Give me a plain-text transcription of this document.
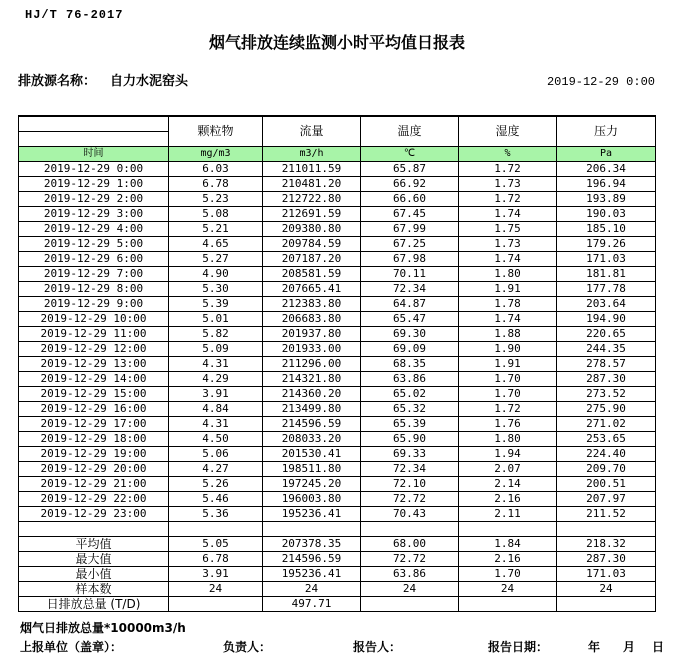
HJ/T 76-2017
烟气排放连续监测小时平均值日报表
排放源名称： 自力水泥窑头	2019-12-29 0:00
	颗粒物	流量	温度	湿度	压力

时间	mg/m3	m3/h	℃	%	Pa
2019-12-29 0:00	6.03	211011.59	65.87	1.72	206.34
2019-12-29 1:00	6.78	210481.20	66.92	1.73	196.94
2019-12-29 2:00	5.23	212722.80	66.60	1.72	193.89
2019-12-29 3:00	5.08	212691.59	67.45	1.74	190.03
2019-12-29 4:00	5.21	209380.80	67.99	1.75	185.10
2019-12-29 5:00	4.65	209784.59	67.25	1.73	179.26
2019-12-29 6:00	5.27	207187.20	67.98	1.74	171.03
2019-12-29 7:00	4.90	208581.59	70.11	1.80	181.81
2019-12-29 8:00	5.30	207665.41	72.34	1.91	177.78
2019-12-29 9:00	5.39	212383.80	64.87	1.78	203.64
2019-12-29 10:00	5.01	206683.80	65.47	1.74	194.90
2019-12-29 11:00	5.82	201937.80	69.30	1.88	220.65
2019-12-29 12:00	5.09	201933.00	69.09	1.90	244.35
2019-12-29 13:00	4.31	211296.00	68.35	1.91	278.57
2019-12-29 14:00	4.29	214321.80	63.86	1.70	287.30
2019-12-29 15:00	3.91	214360.20	65.02	1.70	273.52
2019-12-29 16:00	4.84	213499.80	65.32	1.72	275.90
2019-12-29 17:00	4.31	214596.59	65.39	1.76	271.02
2019-12-29 18:00	4.50	208033.20	65.90	1.80	253.65
2019-12-29 19:00	5.06	201530.41	69.33	1.94	224.40
2019-12-29 20:00	4.27	198511.80	72.34	2.07	209.70
2019-12-29 21:00	5.26	197245.20	72.10	2.14	200.51
2019-12-29 22:00	5.46	196003.80	72.72	2.16	207.97
2019-12-29 23:00	5.36	195236.41	70.43	2.11	211.52

平均值	5.05	207378.35	68.00	1.84	218.32
最大值	6.78	214596.59	72.72	2.16	287.30
最小值	3.91	195236.41	63.86	1.70	171.03
样本数	24	24	24	24	24
日排放总量 (T/D)		497.71			
烟气日排放总量*10000m3/h
上报单位（盖章）：	负责人：	报告人：	报告日期：	年 月 日
